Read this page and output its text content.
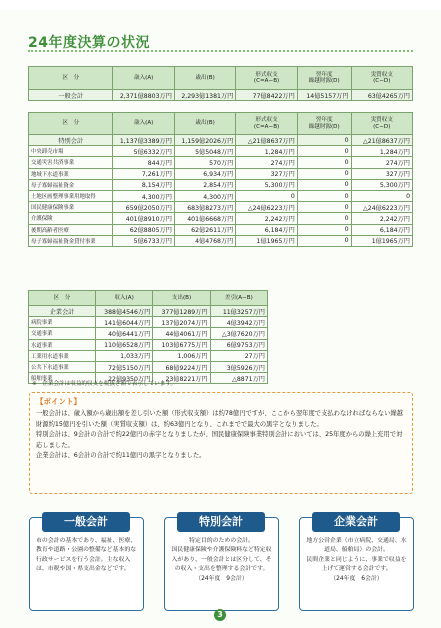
24年度決算の状況
区　分	歳入(A)	歳出(B)	形式収支
(C=A−B)	翌年度
繰越財源(D)	実質収支
(C−D)
一般会計	2,371億8803万円	2,293億1381万円	77億8422万円	14億5157万円	63億4265万円
区　分	歳入(A)	歳出(B)	形式収支
(C=A−B)	翌年度
繰越財源(D)	実質収支
(C−D)
特別会計	1,137億3389万円	1,159億2026万円	△21億8637万円	0	△21億8637万円
中央卸売市場	5億6332万円	5億5048万円	1,284万円	0	1,284万円
交通災害共済事業	844万円	570万円	274万円	0	274万円
地域下水道事業	7,261万円	6,934万円	327万円	0	327万円
母子寡婦福祉資金	8,154万円	2,854万円	5,300万円	0	5,300万円
土地区画整理事業用地取得	4,300万円	4,300万円	0	0	0
国民健康保険事業	659億2050万円	683億8273万円	△24億6223万円	0	△24億6223万円
介護保険	401億8910万円	401億6668万円	2,242万円	0	2,242万円
後期高齢者医療	62億8805万円	62億2611万円	6,184万円	0	6,184万円
母子寡婦福祉資金貸付事業	5億6733万円	4億4768万円	1億1965万円	0	1億1965万円
区　分	収入(A)	支出(B)	差引(A−B)
企業会計	388億4546万円	377億1289万円	11億3257万円
病院事業	141億6044万円	137億2074万円	4億3942万円
交通事業	40億6441万円	44億4061万円	△3億7620万円
水道事業	110億6528万円	103億6775万円	6億9753万円
工業用水道事業	1,033万円	1,006万円	27万円
公共下水道事業	72億5150万円	68億9224万円	3億5926万円
船舶事業	22億9350万円	23億8221万円	△8871万円
※　企業会計は収益的収支を税抜き額で表示しています。
【ポイント】

一般会計は、歳入額から歳出額を差し引いた額（形式収支額）は約78億円ですが、ここから翌年度で支払わなければならない繰越財源約15億円を引いた額（実質収支額）は、約63億円となり、これまでで最大の黒字となりました。

特別会計は、9会計の合計で約22億円の赤字となりましたが、国民健康保険事業特別会計においては、25年度からの繰上充用で対応しました。

企業会計は、6会計の合計で約11億円の黒字となりました。

一般会計
市の会計の基本であり、福祉、医療、教育や道路・公園の整備など基本的な行政サービスを行う会計。主な収入は、市税や国・県支出金などです。
特別会計
特定目的のための会計。
国民健康保険や介護保険料など特定収入があり、一般会計とは区分して、その収入・支出を整理する会計です。
（24年度　9会計）
企業会計
地方公営企業（市立病院、交通局、水道局、船舶局）の会計。
民間企業と同じように、事業で収益を上げて運営する会計です。
（24年度　6会計）
3
